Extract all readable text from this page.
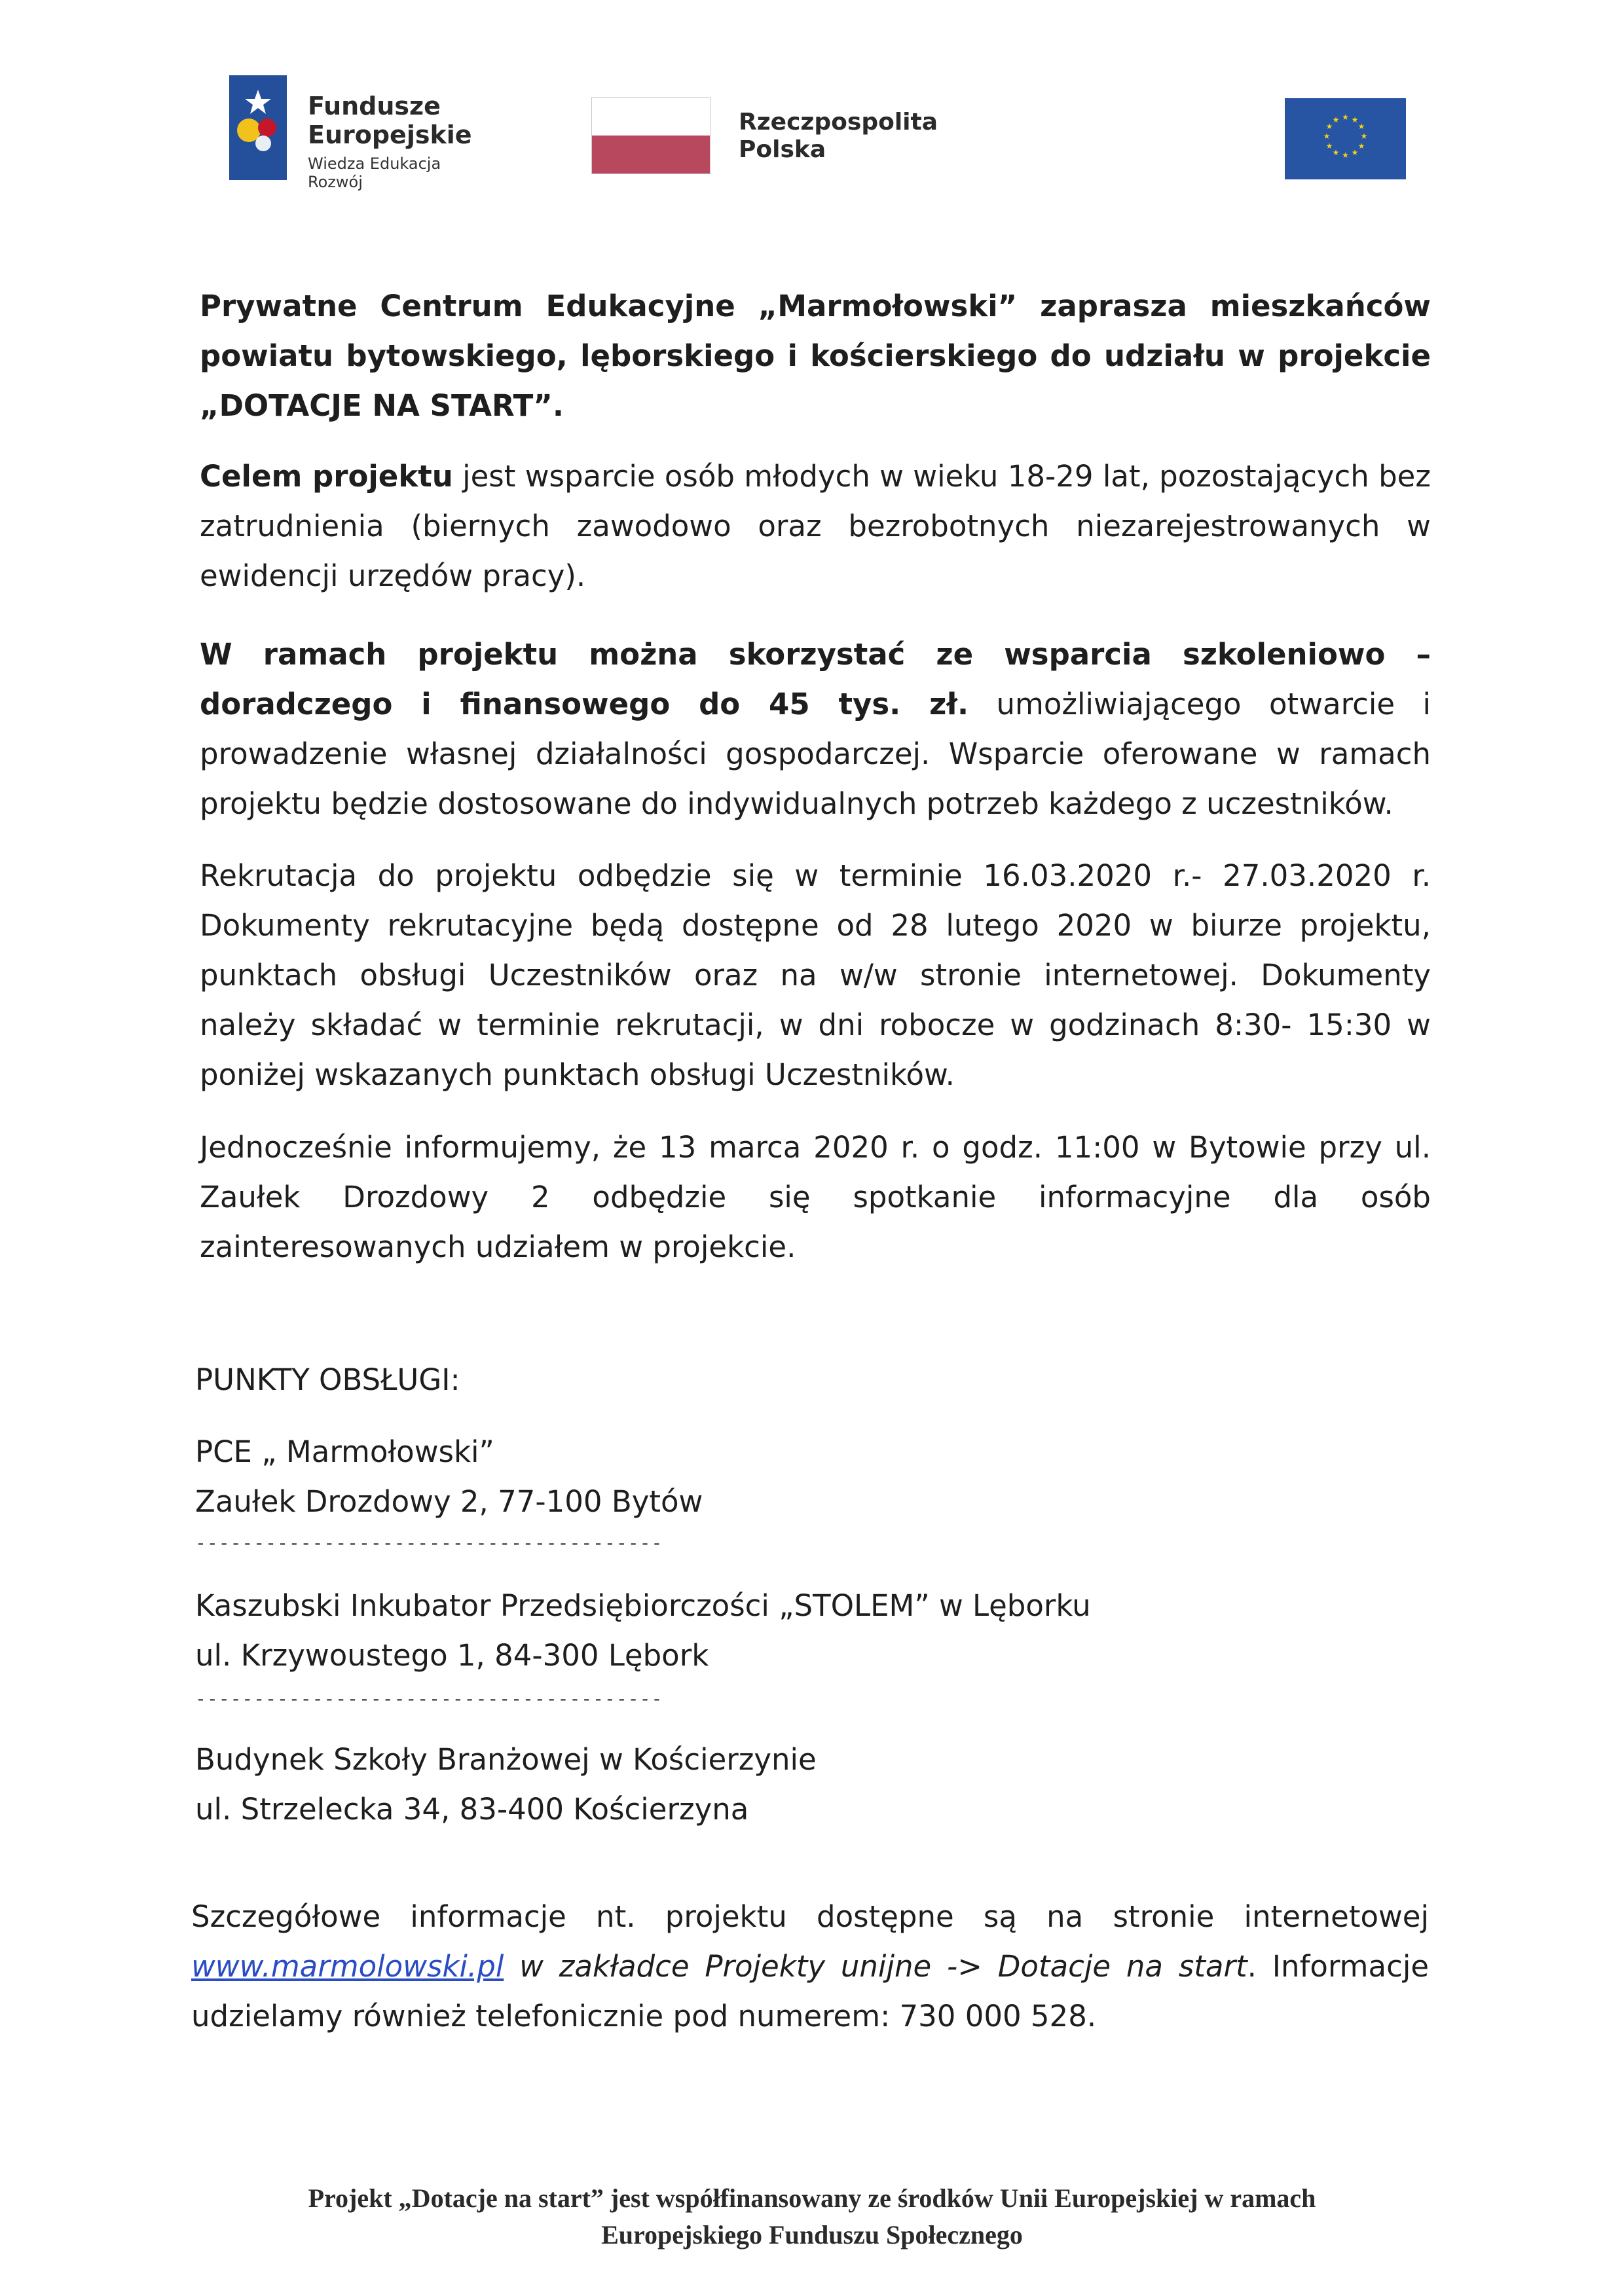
Fundusze
Europejskie
Wiedza Edukacja Rozwój
Rzeczpospolita
Polska
★ ★
★
★
★
★
★
★
★
★
★
★

Prywatne Centrum Edukacyjne „Marmołowski” zaprasza mieszkańców powiatu bytowskiego, lęborskiego i kościerskiego do udziału w projekcie „DOTACJE NA START”.

Celem projektu jest wsparcie osób młodych w wieku 18-29 lat, pozostających bez zatrudnienia (biernych zawodowo oraz bezrobotnych niezarejestrowanych w ewidencji urzędów pracy).

W ramach projektu można skorzystać ze wsparcia szkoleniowo – doradczego i finansowego do 45 tys. zł. umożliwiającego otwarcie i prowadzenie własnej działalności gospodarczej. Wsparcie oferowane w ramach projektu będzie dostosowane do indywidualnych potrzeb każdego z uczestników.

Rekrutacja do projektu odbędzie się w terminie 16.03.2020 r.- 27.03.2020 r. Dokumenty rekrutacyjne będą dostępne od 28 lutego 2020 w biurze projektu, punktach obsługi Uczestników oraz na w/w stronie internetowej. Dokumenty należy składać w terminie rekrutacji, w dni robocze w godzinach 8:30- 15:30 w poniżej wskazanych punktach obsługi Uczestników.

Jednocześnie informujemy, że 13 marca 2020 r. o godz. 11:00 w Bytowie przy ul. Zaułek Drozdowy 2 odbędzie się spotkanie informacyjne dla osób zainteresowanych udziałem w projekcie.

PUNKTY OBSŁUGI:
PCE „ Marmołowski”
Zaułek Drozdowy 2, 77-100 Bytów
----------------------------------------
Kaszubski Inkubator Przedsiębiorczości „STOLEM” w Lęborku
ul. Krzywoustego 1, 84-300 Lębork
----------------------------------------
Budynek Szkoły Branżowej w Kościerzynie
ul. Strzelecka 34, 83-400 Kościerzyna

Szczegółowe informacje nt. projektu dostępne są na stronie internetowej www.marmolowski.pl w zakładce Projekty unijne -> Dotacje na start. Informacje udzielamy również telefonicznie pod numerem: 730 000 528.

Projekt „Dotacje na start” jest współfinansowany ze środków Unii Europejskiej w ramach
Europejskiego Funduszu Społecznego
